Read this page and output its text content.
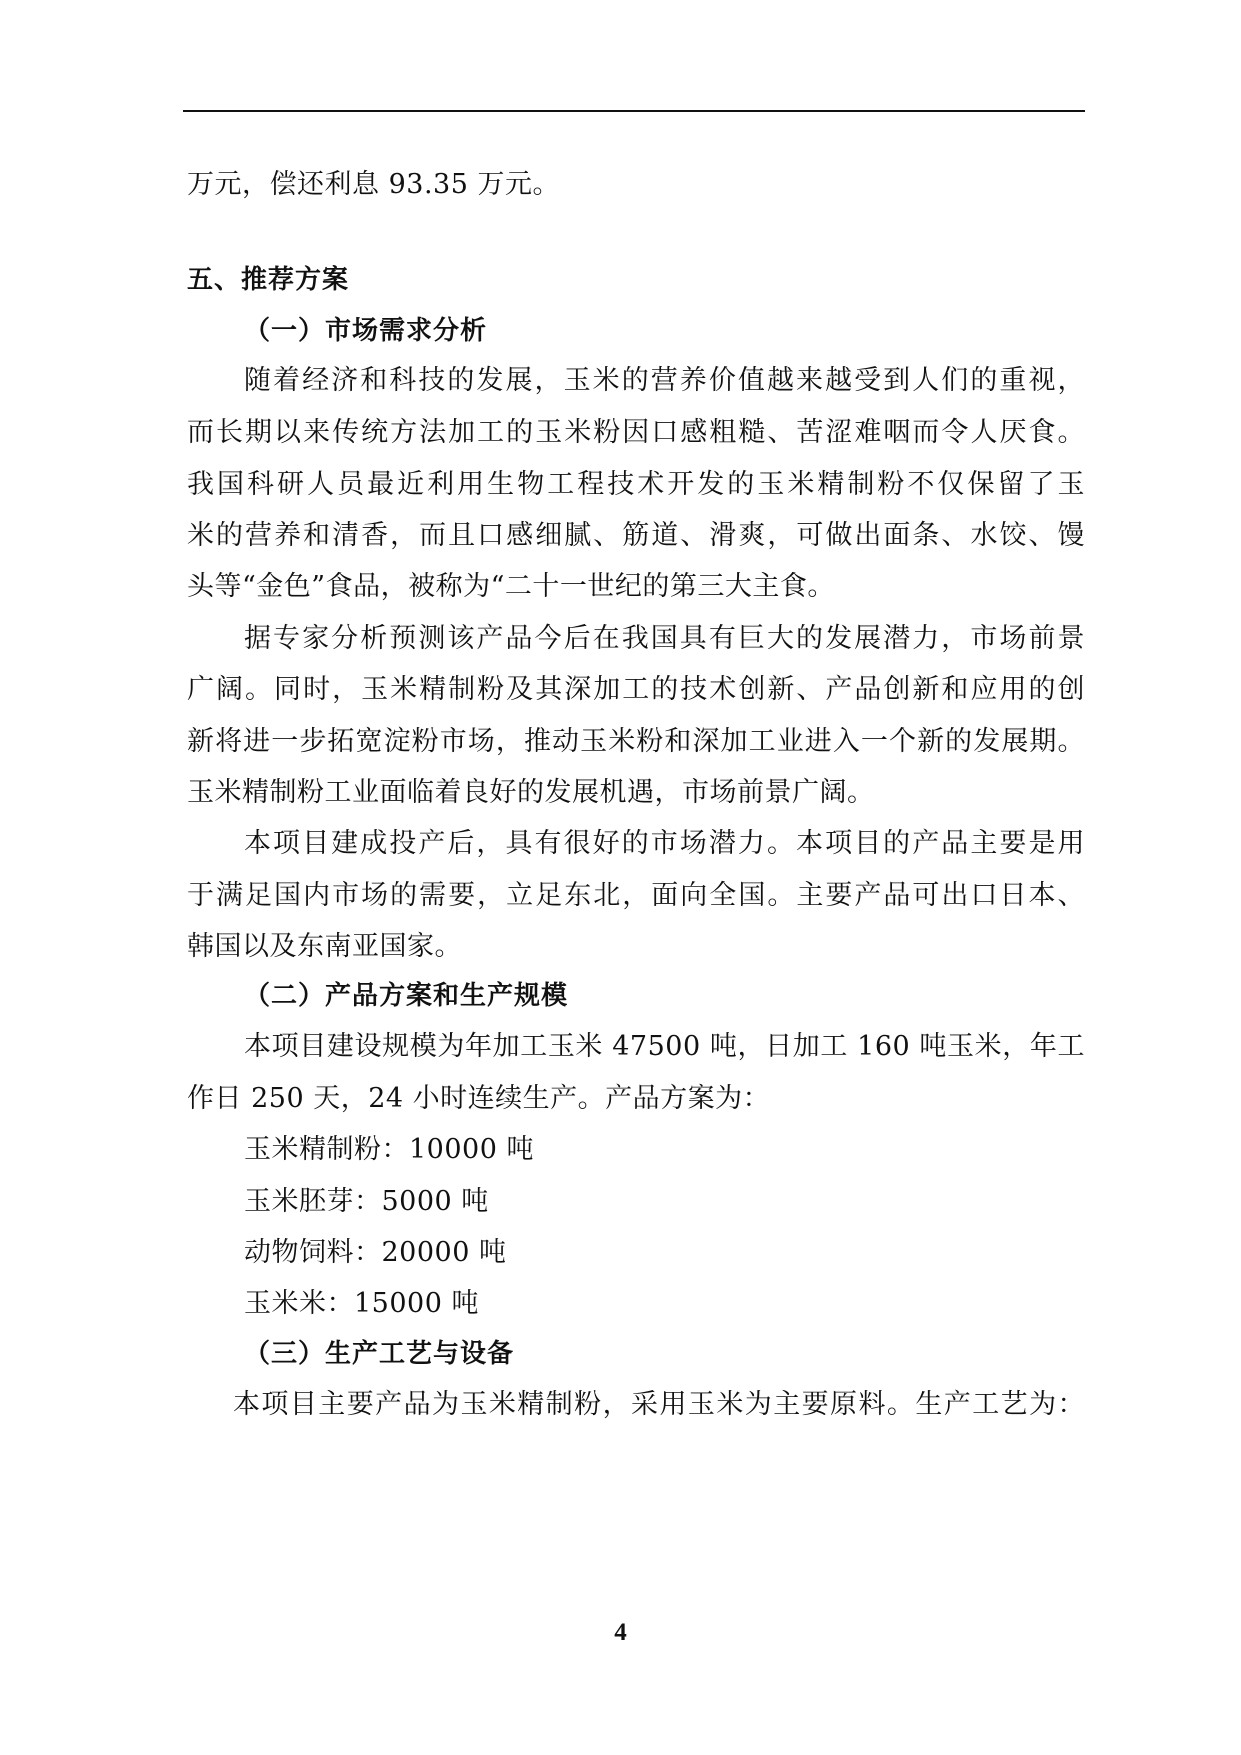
万元，偿还利息 93.35 万元。
五、推荐方案
（一）市场需求分析
随着经济和科技的发展，玉米的营养价值越来越受到人们的重视，
而长期以来传统方法加工的玉米粉因口感粗糙、苦涩难咽而令人厌食。
我国科研人员最近利用生物工程技术开发的玉米精制粉不仅保留了玉
米的营养和清香，而且口感细腻、筋道、滑爽，可做出面条、水饺、馒
头等“金色”食品，被称为“二十一世纪的第三大主食。
据专家分析预测该产品今后在我国具有巨大的发展潜力，市场前景
广阔。同时，玉米精制粉及其深加工的技术创新、产品创新和应用的创
新将进一步拓宽淀粉市场，推动玉米粉和深加工业进入一个新的发展期。
玉米精制粉工业面临着良好的发展机遇，市场前景广阔。
本项目建成投产后，具有很好的市场潜力。本项目的产品主要是用
于满足国内市场的需要，立足东北，面向全国。主要产品可出口日本、
韩国以及东南亚国家。
（二）产品方案和生产规模
本项目建设规模为年加工玉米 47500 吨，日加工 160 吨玉米，年工
作日 250 天，24 小时连续生产。产品方案为：
玉米精制粉：10000 吨
玉米胚芽：5000 吨
动物饲料：20000 吨
玉米米：15000 吨
（三）生产工艺与设备
本项目主要产品为玉米精制粉，采用玉米为主要原料。生产工艺为：
4
